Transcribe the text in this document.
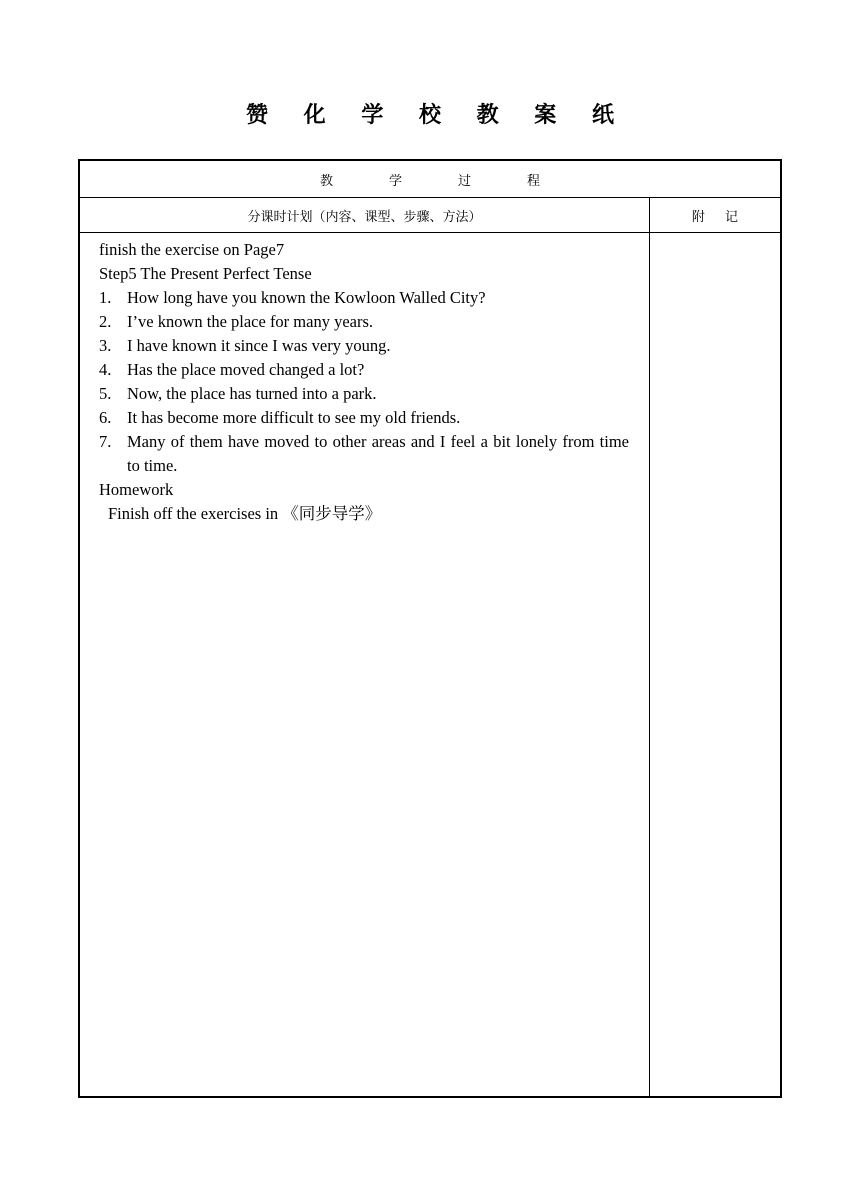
赞 化 学 校 教 案 纸
教	学	过	程
分课时计划（内容、课型、步骤、方法）	附 记

finish the exercise on Page7

Step5 The Present Perfect Tense

1. How long have you known the Kowloon Walled City?
2. I’ve known the place for many years.
3. I have known it since I was very young.
4. Has the place moved changed a lot?
5. Now, the place has turned into a park.
6. It has become more difficult to see my old friends.
7. Many of them have moved to other areas and I feel a bit lonely from time to time.

Homework

Finish off the exercises in 《同步导学》
